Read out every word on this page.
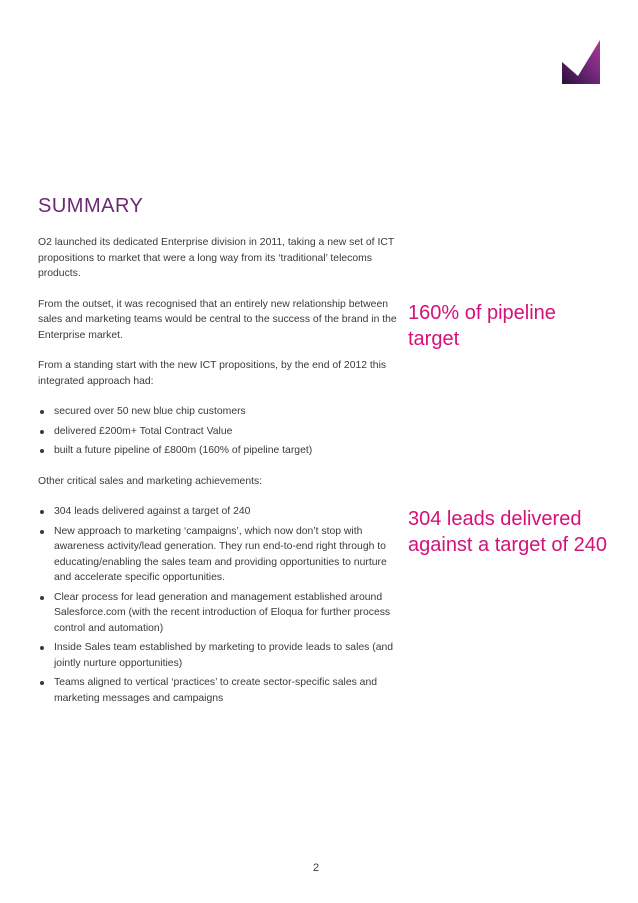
SUMMARY

O2 launched its dedicated Enterprise division in 2011, taking a new set of ICT propositions to market that were a long way from its ‘traditional’ telecoms products.

From the outset, it was recognised that an entirely new relationship between sales and marketing teams would be central to the success of the brand in the Enterprise market.

From a standing start with the new ICT propositions, by the end of 2012 this integrated approach had:

secured over 50 new blue chip customers
delivered £200m+ Total Contract Value
built a future pipeline of £800m (160% of pipeline target)

Other critical sales and marketing achievements:

304 leads delivered against a target of 240
New approach to marketing ‘campaigns’, which now don’t stop with awareness activity/lead generation. They run end-to-end right through to educating/enabling the sales team and providing opportunities to nurture and accelerate specific opportunities.
Clear process for lead generation and management established around Salesforce.com (with the recent introduction of Eloqua for further process control and automation)
Inside Sales team established by marketing to provide leads to sales (and jointly nurture opportunities)
Teams aligned to vertical ‘practices’ to create sector-specific sales and marketing messages and campaigns
160% of pipeline target
304 leads delivered against a target of 240
2
